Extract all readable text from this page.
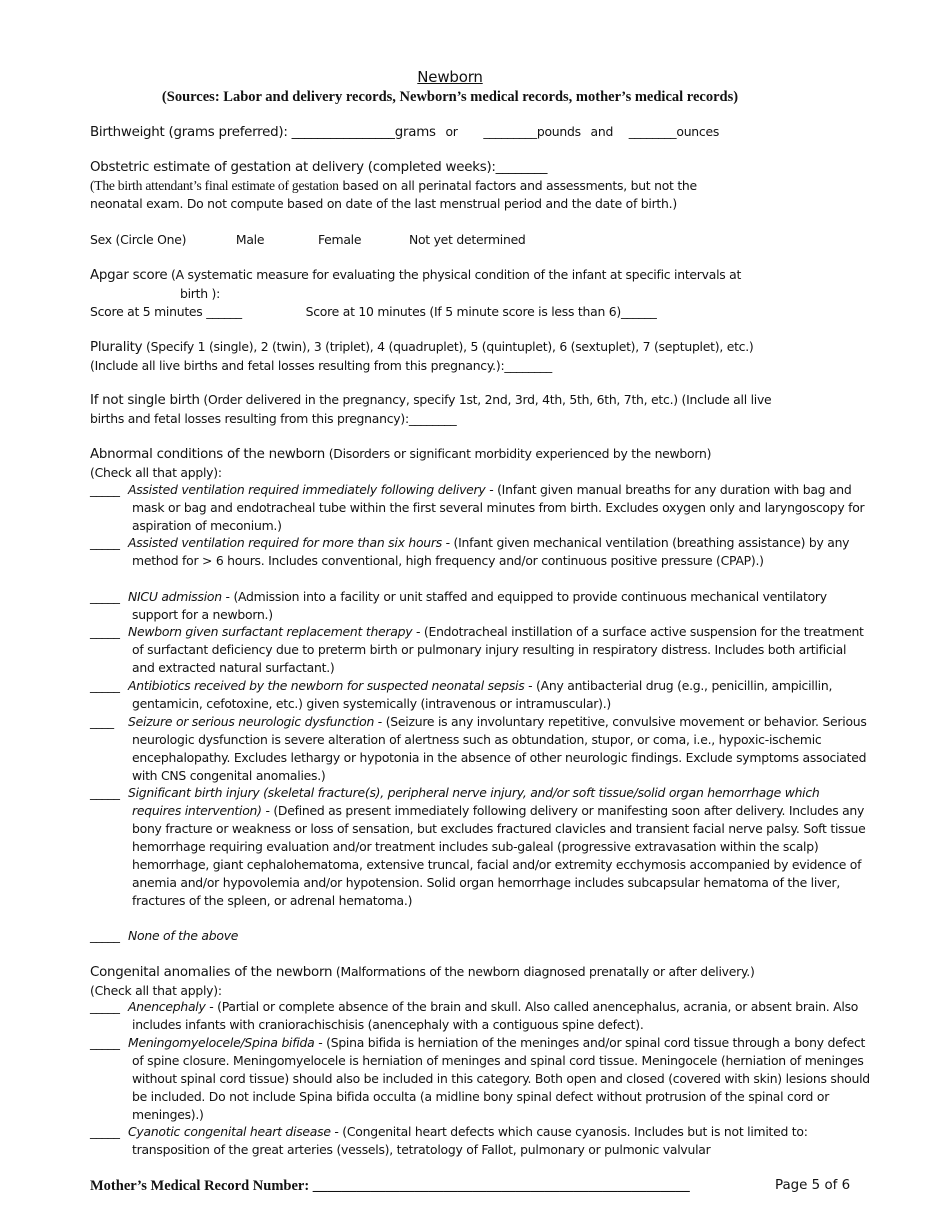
Newborn
(Sources: Labor and delivery records, Newborn’s medical records, mother’s medical records)
Birthweight (grams preferred): ________________grams or _________pounds and ________ounces
Obstetric estimate of gestation at delivery (completed weeks):________
(The birth attendant’s final estimate of gestation based on all perinatal factors and assessments, but not the
neonatal exam. Do not compute based on date of the last menstrual period and the date of birth.)
Sex (Circle One)	Male	Female	Not yet determined
Apgar score (A systematic measure for evaluating the physical condition of the infant at specific intervals at
birth ):
Score at 5 minutes ______	Score at 10 minutes (If 5 minute score is less than 6)______
Plurality (Specify 1 (single), 2 (twin), 3 (triplet), 4 (quadruplet), 5 (quintuplet), 6 (sextuplet), 7 (septuplet), etc.)
(Include all live births and fetal losses resulting from this pregnancy.):________
If not single birth (Order delivered in the pregnancy, specify 1st, 2nd, 3rd, 4th, 5th, 6th, 7th, etc.) (Include all live
births and fetal losses resulting from this pregnancy):________
Abnormal conditions of the newborn (Disorders or significant morbidity experienced by the newborn)
(Check all that apply):
_____ Assisted ventilation required immediately following delivery - (Infant given manual breaths for any duration with bag and mask or bag and endotracheal tube within the first several minutes from birth. Excludes oxygen only and laryngoscopy for aspiration of meconium.)
_____ Assisted ventilation required for more than six hours - (Infant given mechanical ventilation (breathing assistance) by any method for > 6 hours. Includes conventional, high frequency and/or continuous positive pressure (CPAP).)
_____ NICU admission - (Admission into a facility or unit staffed and equipped to provide continuous mechanical ventilatory support for a newborn.)
_____ Newborn given surfactant replacement therapy - (Endotracheal instillation of a surface active suspension for the treatment of surfactant deficiency due to preterm birth or pulmonary injury resulting in respiratory distress. Includes both artificial and extracted natural surfactant.)
_____ Antibiotics received by the newborn for suspected neonatal sepsis - (Any antibacterial drug (e.g., penicillin, ampicillin, gentamicin, cefotoxine, etc.) given systemically (intravenous or intramuscular).)
____Seizure or serious neurologic dysfunction - (Seizure is any involuntary repetitive, convulsive movement or behavior. Serious neurologic dysfunction is severe alteration of alertness such as obtundation, stupor, or coma, i.e., hypoxic-ischemic encephalopathy. Excludes lethargy or hypotonia in the absence of other neurologic findings. Exclude symptoms associated with CNS congenital anomalies.)
_____Significant birth injury (skeletal fracture(s), peripheral nerve injury, and/or soft tissue/solid organ hemorrhage which requires intervention) - (Defined as present immediately following delivery or manifesting soon after delivery. Includes any bony fracture or weakness or loss of sensation, but excludes fractured clavicles and transient facial nerve palsy. Soft tissue hemorrhage requiring evaluation and/or treatment includes sub-galeal (progressive extravasation within the scalp) hemorrhage, giant cephalohematoma, extensive truncal, facial and/or extremity ecchymosis accompanied by evidence of anemia and/or hypovolemia and/or hypotension. Solid organ hemorrhage includes subcapsular hematoma of the liver, fractures of the spleen, or adrenal hematoma.)
_____ None of the above
Congenital anomalies of the newborn (Malformations of the newborn diagnosed prenatally or after delivery.)
(Check all that apply):
_____ Anencephaly - (Partial or complete absence of the brain and skull. Also called anencephalus, acrania, or absent brain. Also includes infants with craniorachischisis (anencephaly with a contiguous spine defect).
_____ Meningomyelocele/Spina bifida - (Spina bifida is herniation of the meninges and/or spinal cord tissue through a bony defect of spine closure. Meningomyelocele is herniation of meninges and spinal cord tissue. Meningocele (herniation of meninges without spinal cord tissue) should also be included in this category. Both open and closed (covered with skin) lesions should be included. Do not include Spina bifida occulta (a midline bony spinal defect without protrusion of the spinal cord or meninges).)
_____Cyanotic congenital heart disease - (Congenital heart defects which cause cyanosis. Includes but is not limited to: transposition of the great arteries (vessels), tetratology of Fallot, pulmonary or pulmonic valvular
Mother’s Medical Record Number: ____________________________________________________	Page 5 of 6
